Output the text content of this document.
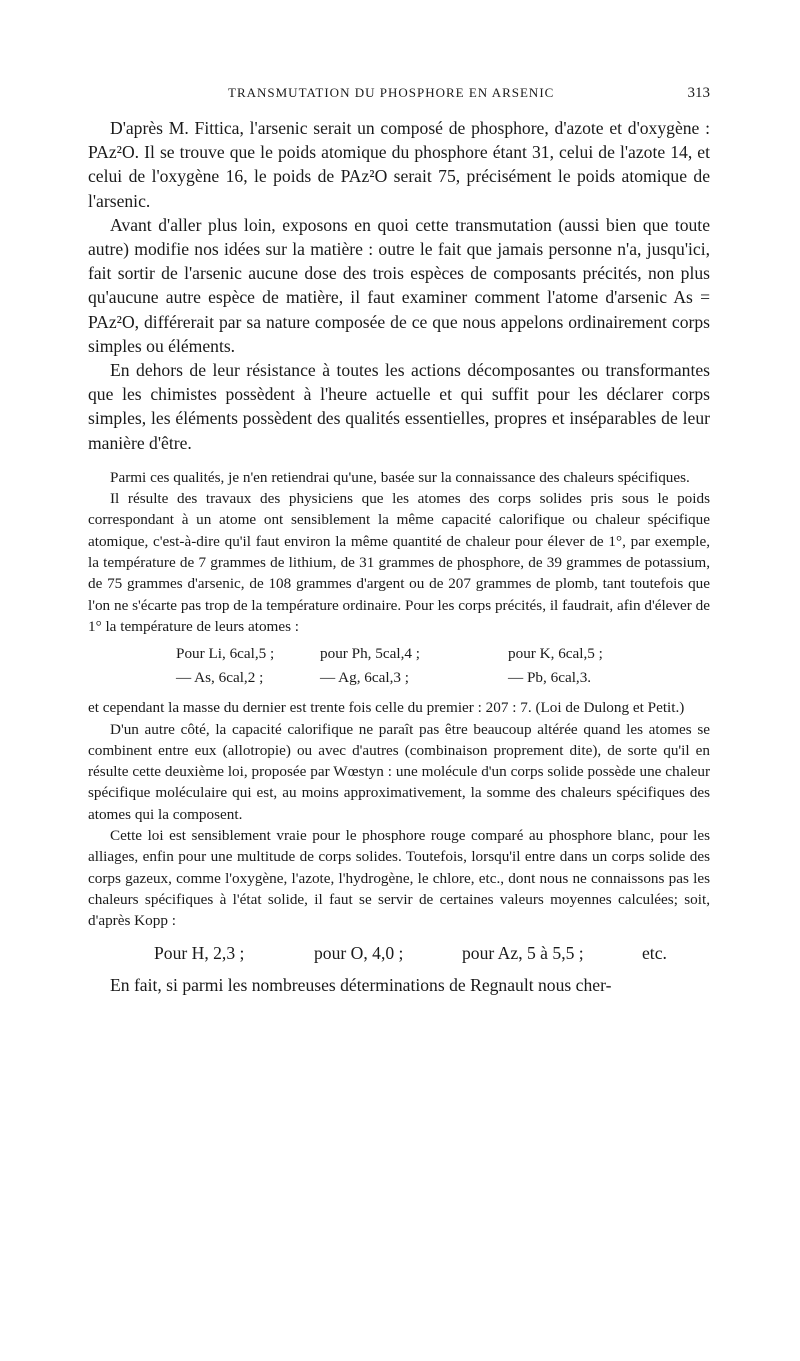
TRANSMUTATION DU PHOSPHORE EN ARSENIC	313

D'après M. Fittica, l'arsenic serait un composé de phosphore, d'azote et d'oxygène : PAz²O. Il se trouve que le poids atomique du phosphore étant 31, celui de l'azote 14, et celui de l'oxygène 16, le poids de PAz²O serait 75, précisément le poids atomique de l'arsenic.

Avant d'aller plus loin, exposons en quoi cette transmutation (aussi bien que toute autre) modifie nos idées sur la matière : outre le fait que jamais personne n'a, jusqu'ici, fait sortir de l'arsenic aucune dose des trois espèces de composants précités, non plus qu'aucune autre espèce de matière, il faut examiner comment l'atome d'arsenic As = PAz²O, différerait par sa nature composée de ce que nous appelons ordinairement corps simples ou éléments.

En dehors de leur résistance à toutes les actions décomposantes ou transformantes que les chimistes possèdent à l'heure actuelle et qui suffit pour les déclarer corps simples, les éléments possèdent des qualités essentielles, propres et inséparables de leur manière d'être.

Parmi ces qualités, je n'en retiendrai qu'une, basée sur la connaissance des chaleurs spécifiques.

Il résulte des travaux des physiciens que les atomes des corps solides pris sous le poids correspondant à un atome ont sensiblement la même capacité calorifique ou chaleur spécifique atomique, c'est-à-dire qu'il faut environ la même quantité de chaleur pour élever de 1°, par exemple, la température de 7 grammes de lithium, de 31 grammes de phosphore, de 39 grammes de potassium, de 75 grammes d'arsenic, de 108 grammes d'argent ou de 207 grammes de plomb, tant toutefois que l'on ne s'écarte pas trop de la température ordinaire. Pour les corps précités, il faudrait, afin d'élever de 1° la température de leurs atomes :

Pour Li, 6cal,5 ;	pour Ph, 5cal,4 ;	pour K, 6cal,5 ;
— As, 6cal,2 ;	— Ag, 6cal,3 ;	— Pb, 6cal,3.

et cependant la masse du dernier est trente fois celle du premier : 207 : 7. (Loi de Dulong et Petit.)

D'un autre côté, la capacité calorifique ne paraît pas être beaucoup altérée quand les atomes se combinent entre eux (allotropie) ou avec d'autres (combinaison proprement dite), de sorte qu'il en résulte cette deuxième loi, proposée par Wœstyn : une molécule d'un corps solide possède une chaleur spécifique moléculaire qui est, au moins approximativement, la somme des chaleurs spécifiques des atomes qui la composent.

Cette loi est sensiblement vraie pour le phosphore rouge comparé au phosphore blanc, pour les alliages, enfin pour une multitude de corps solides. Toutefois, lorsqu'il entre dans un corps solide des corps gazeux, comme l'oxygène, l'azote, l'hydrogène, le chlore, etc., dont nous ne connaissons pas les chaleurs spécifiques à l'état solide, il faut se servir de certaines valeurs moyennes calculées; soit, d'après Kopp :

Pour H, 2,3 ;	pour O, 4,0 ;	pour Az, 5 à 5,5 ;	etc.

En fait, si parmi les nombreuses déterminations de Regnault nous cher-
